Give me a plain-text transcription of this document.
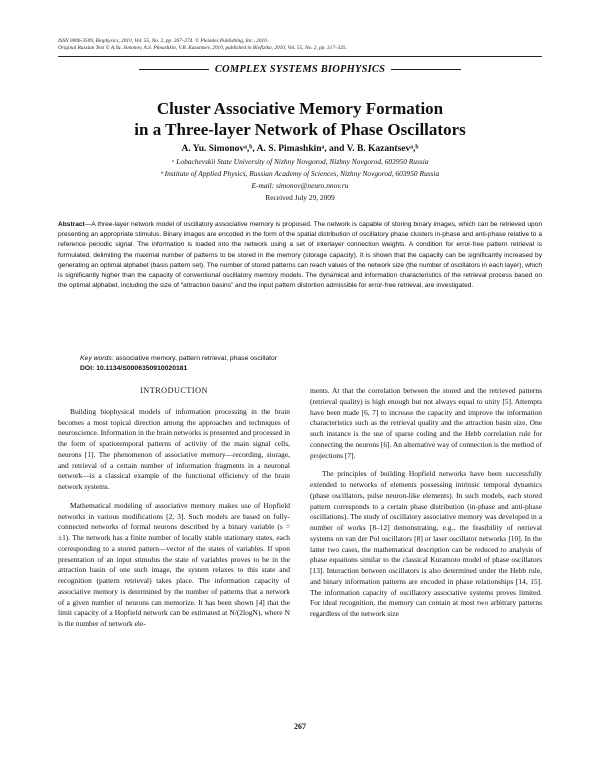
ISSN 0006-3509, Biophysics, 2010, Vol. 55, No. 2, pp. 267–274. © Pleiades Publishing, Inc., 2010.
Original Russian Text © A.Yu. Simonov, A.S. Pimashkin, V.B. Kazantsev, 2010, published in Biofizika, 2010, Vol. 55, No. 2, pp. 317–325.
COMPLEX SYSTEMS BIOPHYSICS
Cluster Associative Memory Formation
in a Three-layer Network of Phase Oscillators
A. Yu. Simonovᵃ,ᵇ, A. S. Pimashkinᵃ, and V. B. Kazantsevᵃ,ᵇ
ᵃ Lobachevskii State University of Nizhny Novgorod, Nizhny Novgorod, 603950 Russia
ᵇ Institute of Applied Physics, Russian Academy of Sciences, Nizhny Novgorod, 603950 Russia
E-mail: simonov@neuro.nnov.ru
Received July 29, 2009
Abstract—A three-layer network model of oscillatory associative memory is proposed. The network is capable of storing binary images, which can be retrieved upon presenting an appropriate stimulus. Binary images are encoded in the form of the spatial distribution of oscillatory phase clusters in-phase and anti-phase relative to a reference periodic signal. The information is loaded into the network using a set of interlayer connection weights. A condition for error-free pattern retrieval is formulated, delimiting the maximal number of patterns to be stored in the memory (storage capacity). It is shown that the capacity can be significantly increased by generating an optimal alphabet (basis pattern set). The number of stored patterns can reach values of the network size (the number of oscillators in each layer), which is significantly higher than the capacity of conventional oscillatory memory models. The dynamical and information characteristics of the retrieval process based on the optimal alphabet, including the size of “attraction basins” and the input pattern distortion admissible for error-free retrieval, are investigated.
Key words: associative memory, pattern retrieval, phase oscillator
DOI: 10.1134/S0006350910020181
INTRODUCTION

Building biophysical models of information processing in the brain becomes a most topical direction among the approaches and techniques of neuroscience. Information in the brain networks is presented and processed in the form of spatiotemporal patterns of activity of the main signal cells, neurons [1]. The phenomenon of associative memory—recording, storage, and retrieval of a certain number of information fragments in a neuronal network—is a classical example of the functional efficiency of the brain network systems.

Mathematical modeling of associative memory makes use of Hopfield networks in various modifications [2, 3]. Such models are based on fully-connected networks of formal neurons described by a binary variable (s = ±1). The network has a finite number of locally stable stationary states, each corresponding to a stored pattern—vector of the states of variables. If upon presentation of an input stimulus the state of variables proves to be in the attraction basin of one such image, the system relaxes to this state and recognition (pattern retrieval) takes place. The information capacity of associative memory is determined by the number of patterns that a network of a given number of neurons can memorize. It has been shown [4] that the limit capacity of a Hopfield network can be estimated at N/(2logN), where N is the number of network ele-

ments. At that the correlation between the stored and the retrieved patterns (retrieval quality) is high enough but not always equal to unity [5]. Attempts have been made [6, 7] to increase the capacity and improve the information characteristics such as the retrieval quality and the attraction basin size. One such instance is the use of sparse coding and the Hebb correlation rule for connecting the neurons [6]. An alternative way of connection is the method of projections [7].

The principles of building Hopfield networks have been successfully extended to networks of elements possessing intrinsic temporal dynamics (phase oscillators, pulse neuron-like elements). In such models, each stored pattern corresponds to a certain phase distribution (in-phase and anti-phase oscillations). The study of oscillatory associative memory was developed in a number of works [8–12] demonstrating, e.g., the feasibility of retrieval systems on van der Pol oscillators [8] or laser oscillator networks [10]. In the latter two cases, the mathematical description can be reduced to analysis of phase equations similar to the classical Kuramoto model of phase oscillators [13]. Interaction between oscillators is also determined under the Hebb rule, and binary information patterns are encoded in phase relationships [14, 15]. The information capacity of oscillatory associative systems proves limited. For ideal recognition, the memory can contain at most two arbitrary patterns regardless of the network size

267
